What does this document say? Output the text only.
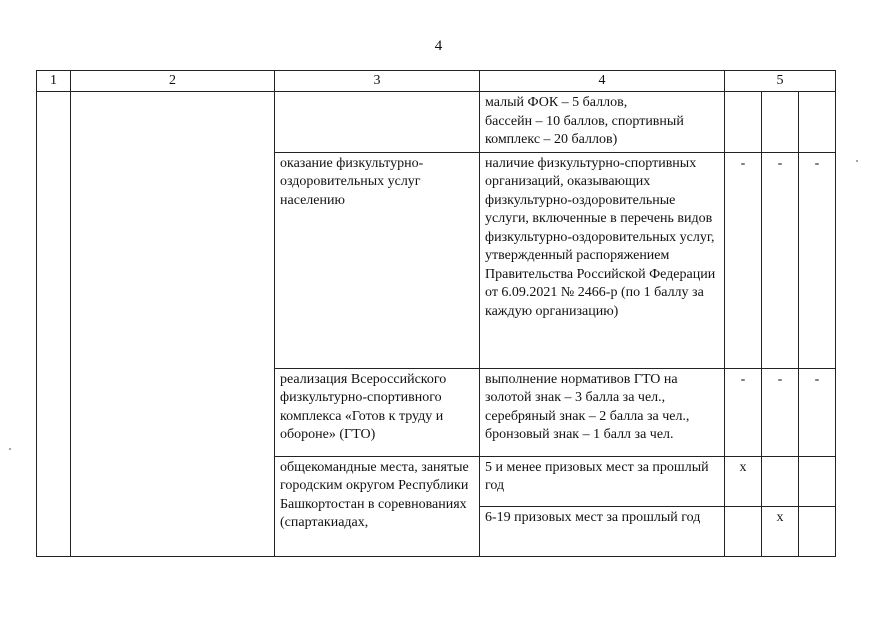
4
1	2	3	4	5		
			малый ФОК – 5 баллов,
бассейн – 10 баллов, спортивный комплекс – 20 баллов)			
		оказание физкультурно-оздоровительных услуг населению	наличие физкультурно-спортивных организаций, оказывающих физкультурно-оздоровительные услуги, включенные в перечень видов физкультурно-оздоровительных услуг, утвержденный распоряжением Правительства Российской Федерации
от 6.09.2021 № 2466-р (по 1 баллу за каждую организацию)	-	-	-
		реализация Всероссийского физкультурно-спортивного комплекса «Готов к труду и обороне» (ГТО)	выполнение нормативов ГТО на золотой знак – 3 балла за чел., серебряный знак – 2 балла за чел., бронзовый знак – 1 балл за чел.	-	-	-
		общекомандные места, занятые городским округом Республики Башкортостан в соревнованиях (спартакиадах,	5 и менее призовых мест за прошлый год	х		
			6-19 призовых мест за прошлый год		х	
